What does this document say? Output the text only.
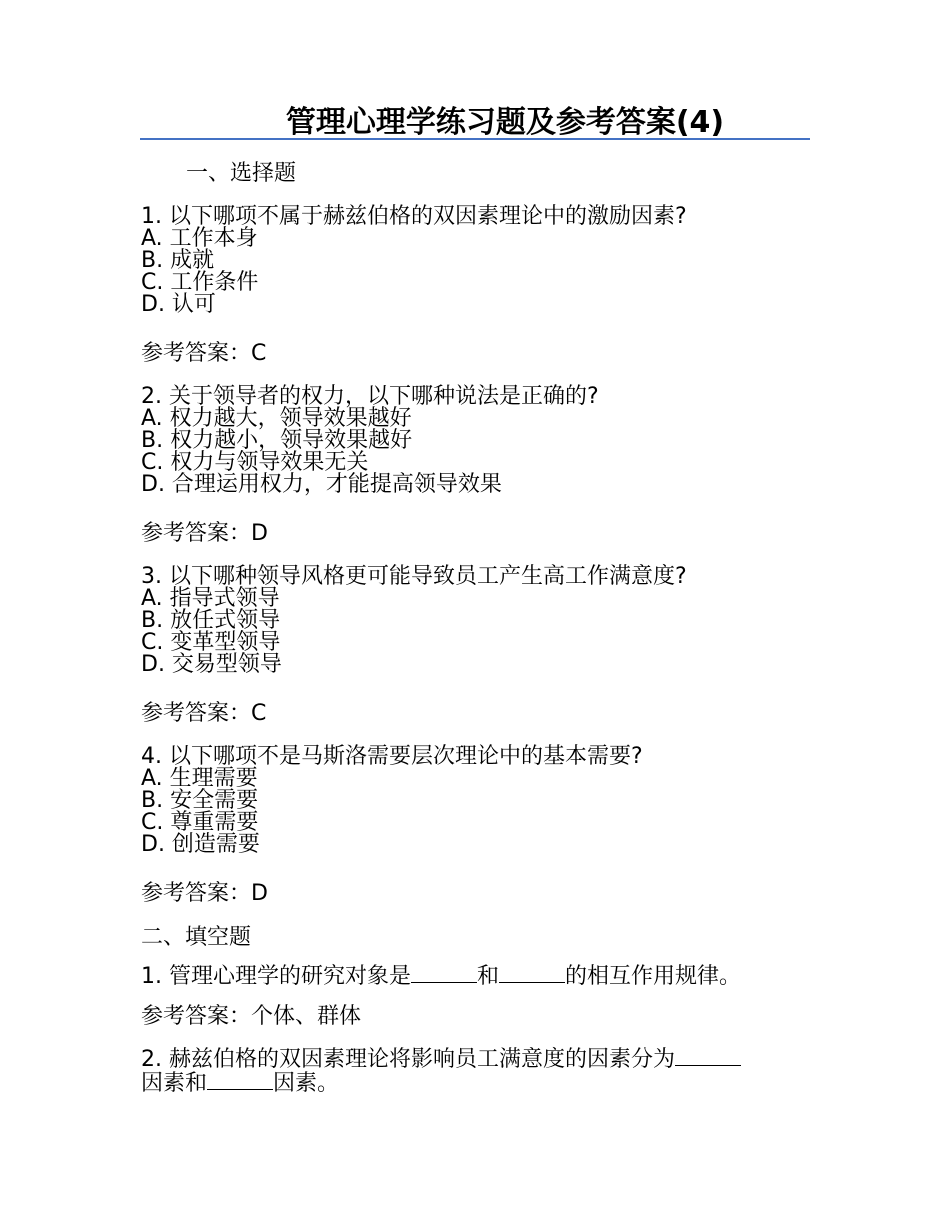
管理心理学练习题及参考答案(4)
一、选择题
1. 以下哪项不属于赫兹伯格的双因素理论中的激励因素?
A. 工作本身
B. 成就
C. 工作条件
D. 认可
参考答案：C
2. 关于领导者的权力，以下哪种说法是正确的?
A. 权力越大，领导效果越好
B. 权力越小，领导效果越好
C. 权力与领导效果无关
D. 合理运用权力，才能提高领导效果
参考答案：D
3. 以下哪种领导风格更可能导致员工产生高工作满意度?
A. 指导式领导
B. 放任式领导
C. 变革型领导
D. 交易型领导
参考答案：C
4. 以下哪项不是马斯洛需要层次理论中的基本需要?
A. 生理需要
B. 安全需要
C. 尊重需要
D. 创造需要
参考答案：D
二、填空题
1. 管理心理学的研究对象是	和	的相互作用规律。
参考答案：个体、群体
2. 赫兹伯格的双因素理论将影响员工满意度的因素分为
因素和	因素。
